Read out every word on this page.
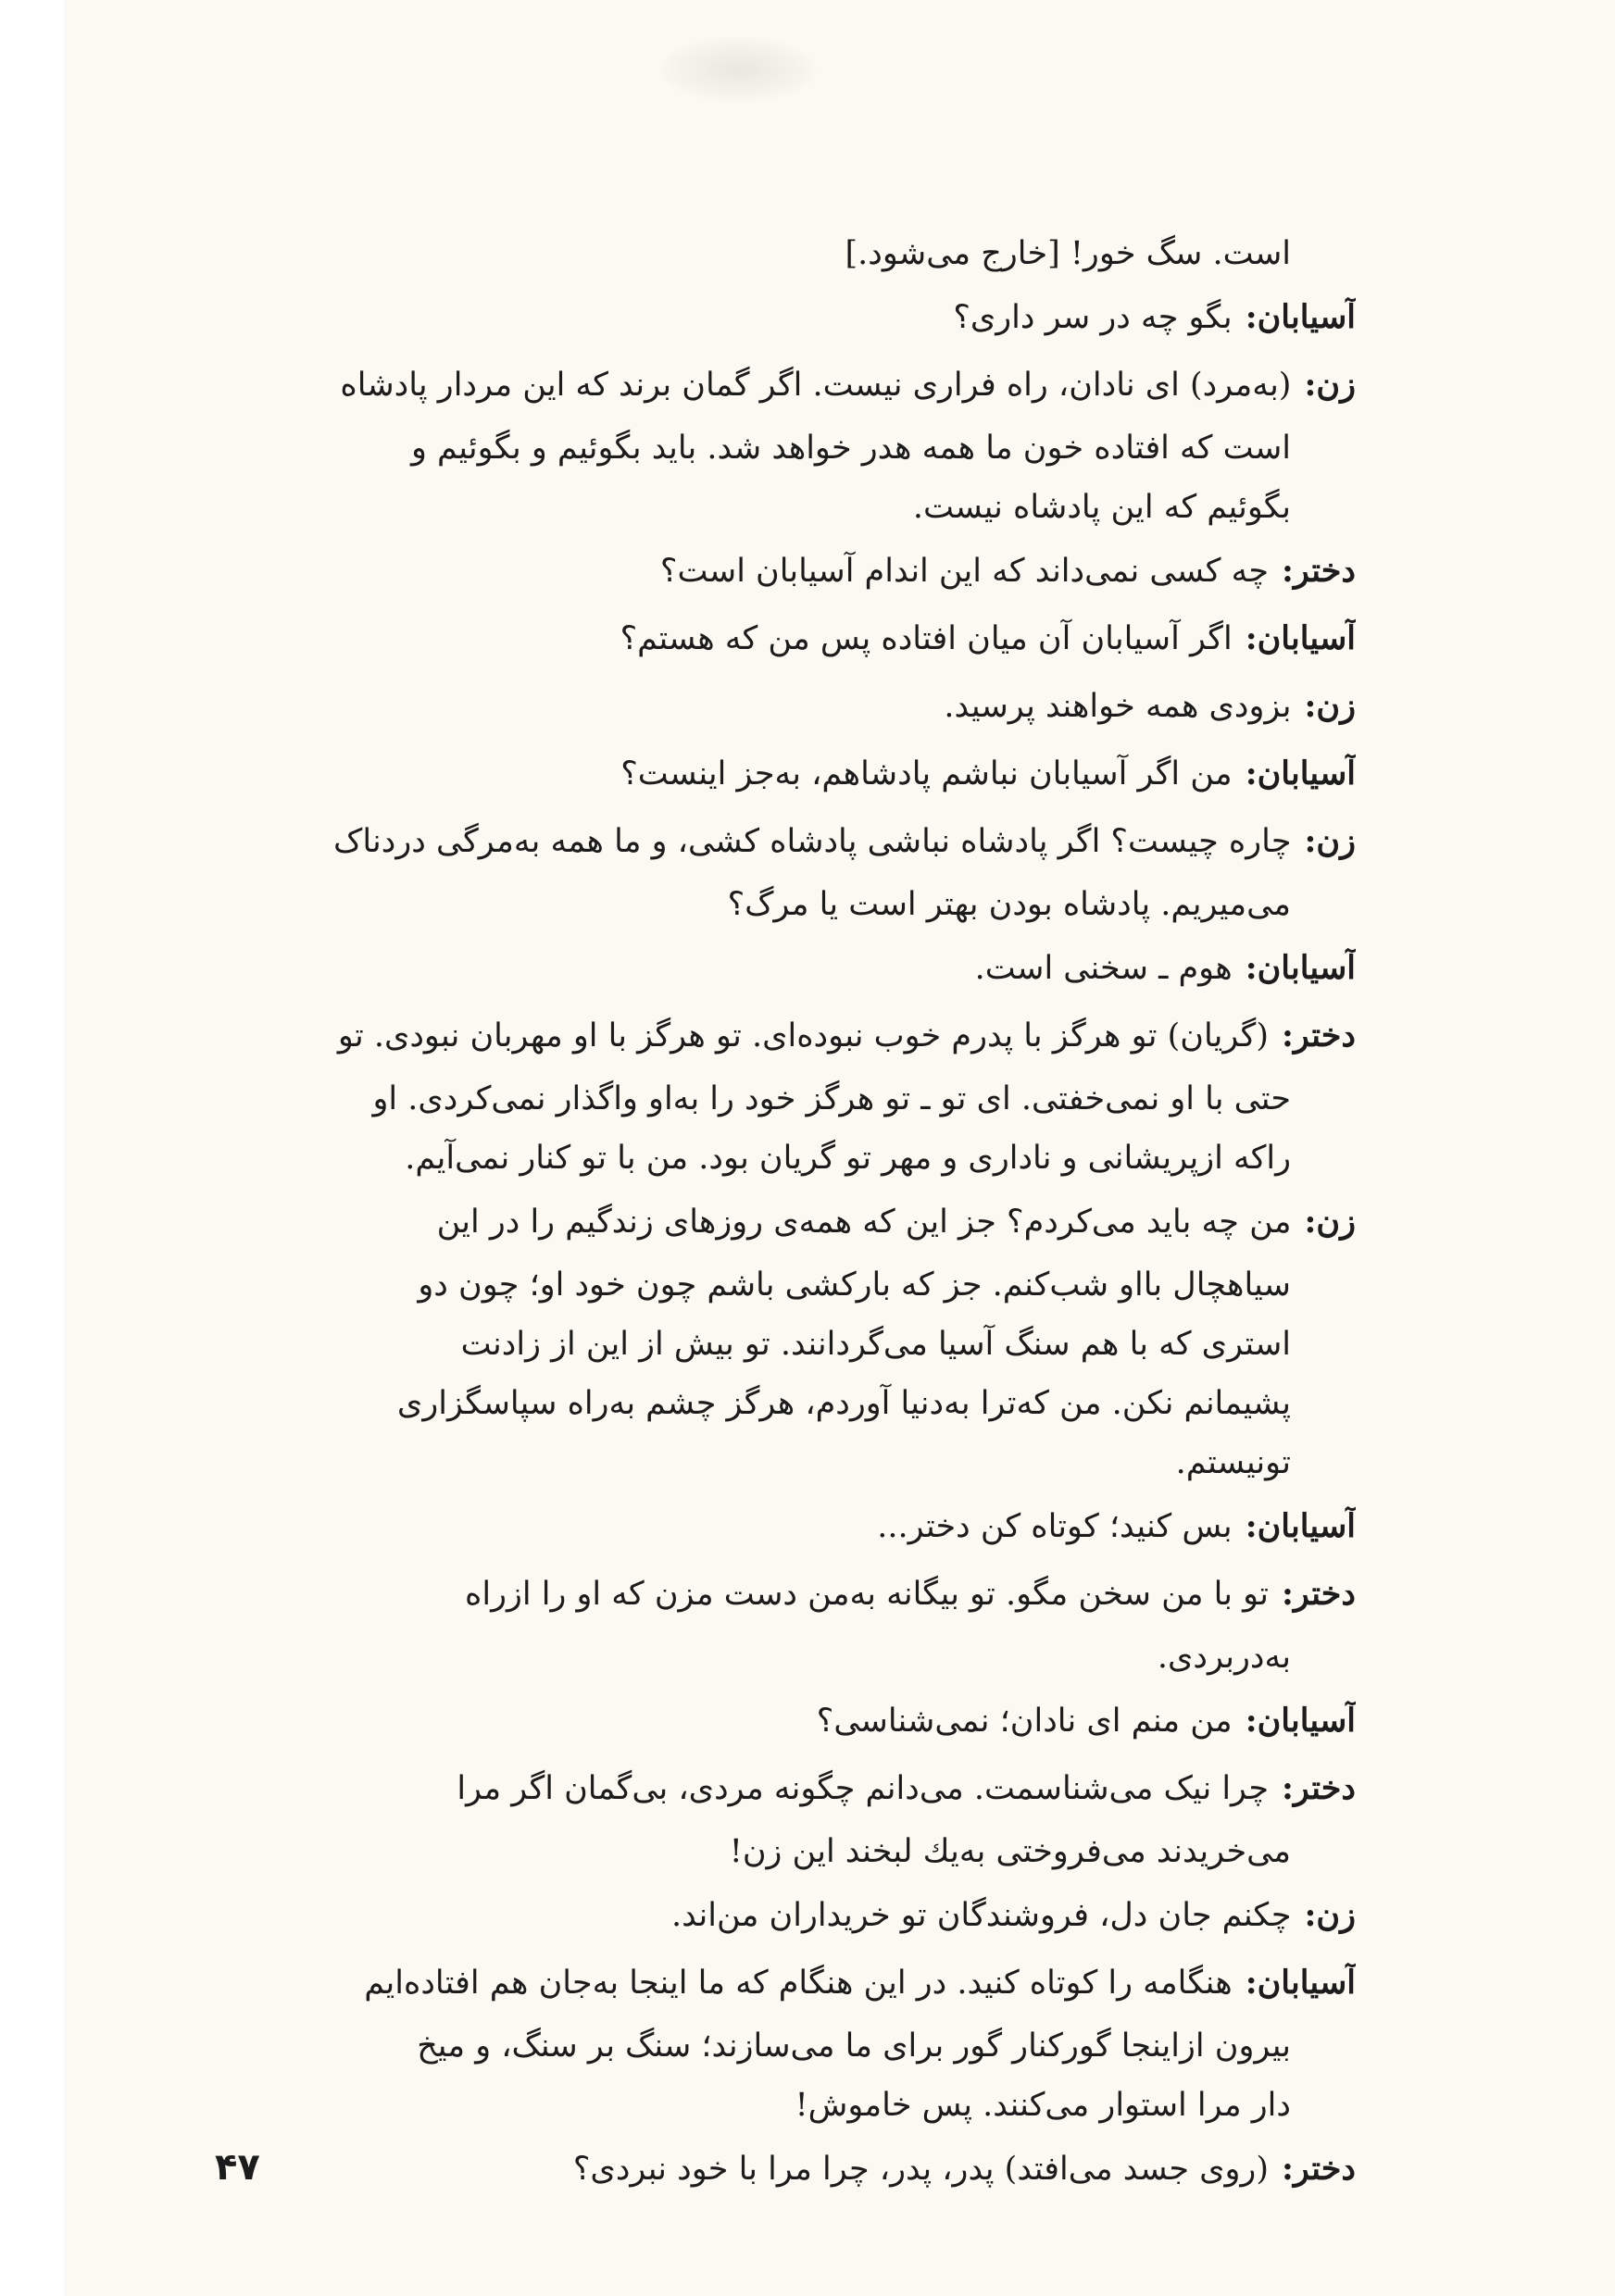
است. سگ خور! [خارج می‌شود.]
آسیابان:
بگو چه در سر داری؟
زن:
(به‌مرد) ای نادان، راه فراری نیست. اگر گمان برند که این مردار پادشاه
است که افتاده خون ما همه هدر خواهد شد. باید بگوئیم و بگوئیم و
بگوئیم که این پادشاه نیست.
دختر:
چه کسی نمی‌داند که این اندام آسیابان است؟
آسیابان:
اگر آسیابان آن میان افتاده پس من که هستم؟
زن:
بزودی همه خواهند پرسید.
آسیابان:
من اگر آسیابان نباشم پادشاهم، به‌جز اینست؟
زن:
چاره چیست؟ اگر پادشاه نباشی پادشاه کشی، و ما همه به‌مرگی دردناک
می‌میریم. پادشاه بودن بهتر است یا مرگ؟
آسیابان:
هوم ـ سخنی است.
دختر:
(گریان) تو هرگز با پدرم خوب نبوده‌ای. تو هرگز با او مهربان نبودی. تو
حتی با او نمی‌خفتی. ای تو ـ تو هرگز خود را به‌او واگذار نمی‌کردی. او
راکه ازپریشانی و ناداری و مهر تو گریان بود. من با تو کنار نمی‌آیم.
زن:
من چه باید می‌کردم؟ جز این که همه‌ی روزهای زندگیم را در این
سیاهچال بااو شب‌کنم. جز که بارکشی باشم چون خود او؛ چون دو
استری که با هم سنگ آسیا می‌گردانند. تو بیش از این از زادنت
پشیمانم نکن. من که‌ترا به‌دنیا آوردم، هرگز چشم به‌راه سپاسگزاری
تونیستم.
آسیابان:
بس کنید؛ کوتاه کن دختر...
دختر:
تو با من سخن مگو. تو بیگانه به‌من دست مزن که او را ازراه
به‌دربردی.
آسیابان:
من منم ای نادان؛ نمی‌شناسی؟
دختر:
چرا نیک می‌شناسمت. می‌دانم چگونه مردی، بی‌گمان اگر مرا
می‌خریدند می‌فروختی به‌یك لبخند این زن!
زن:
چکنم جان دل، فروشندگان تو خریداران من‌اند.
آسیابان:
هنگامه را کوتاه کنید. در این هنگام که ما اینجا به‌جان هم افتاده‌ایم
بیرون ازاینجا گورکنار گور برای ما می‌سازند؛ سنگ بر سنگ، و میخ
دار مرا استوار می‌کنند. پس خاموش!
دختر:
(روی جسد می‌افتد) پدر، پدر، چرا مرا با خود نبردی؟
۴۷
